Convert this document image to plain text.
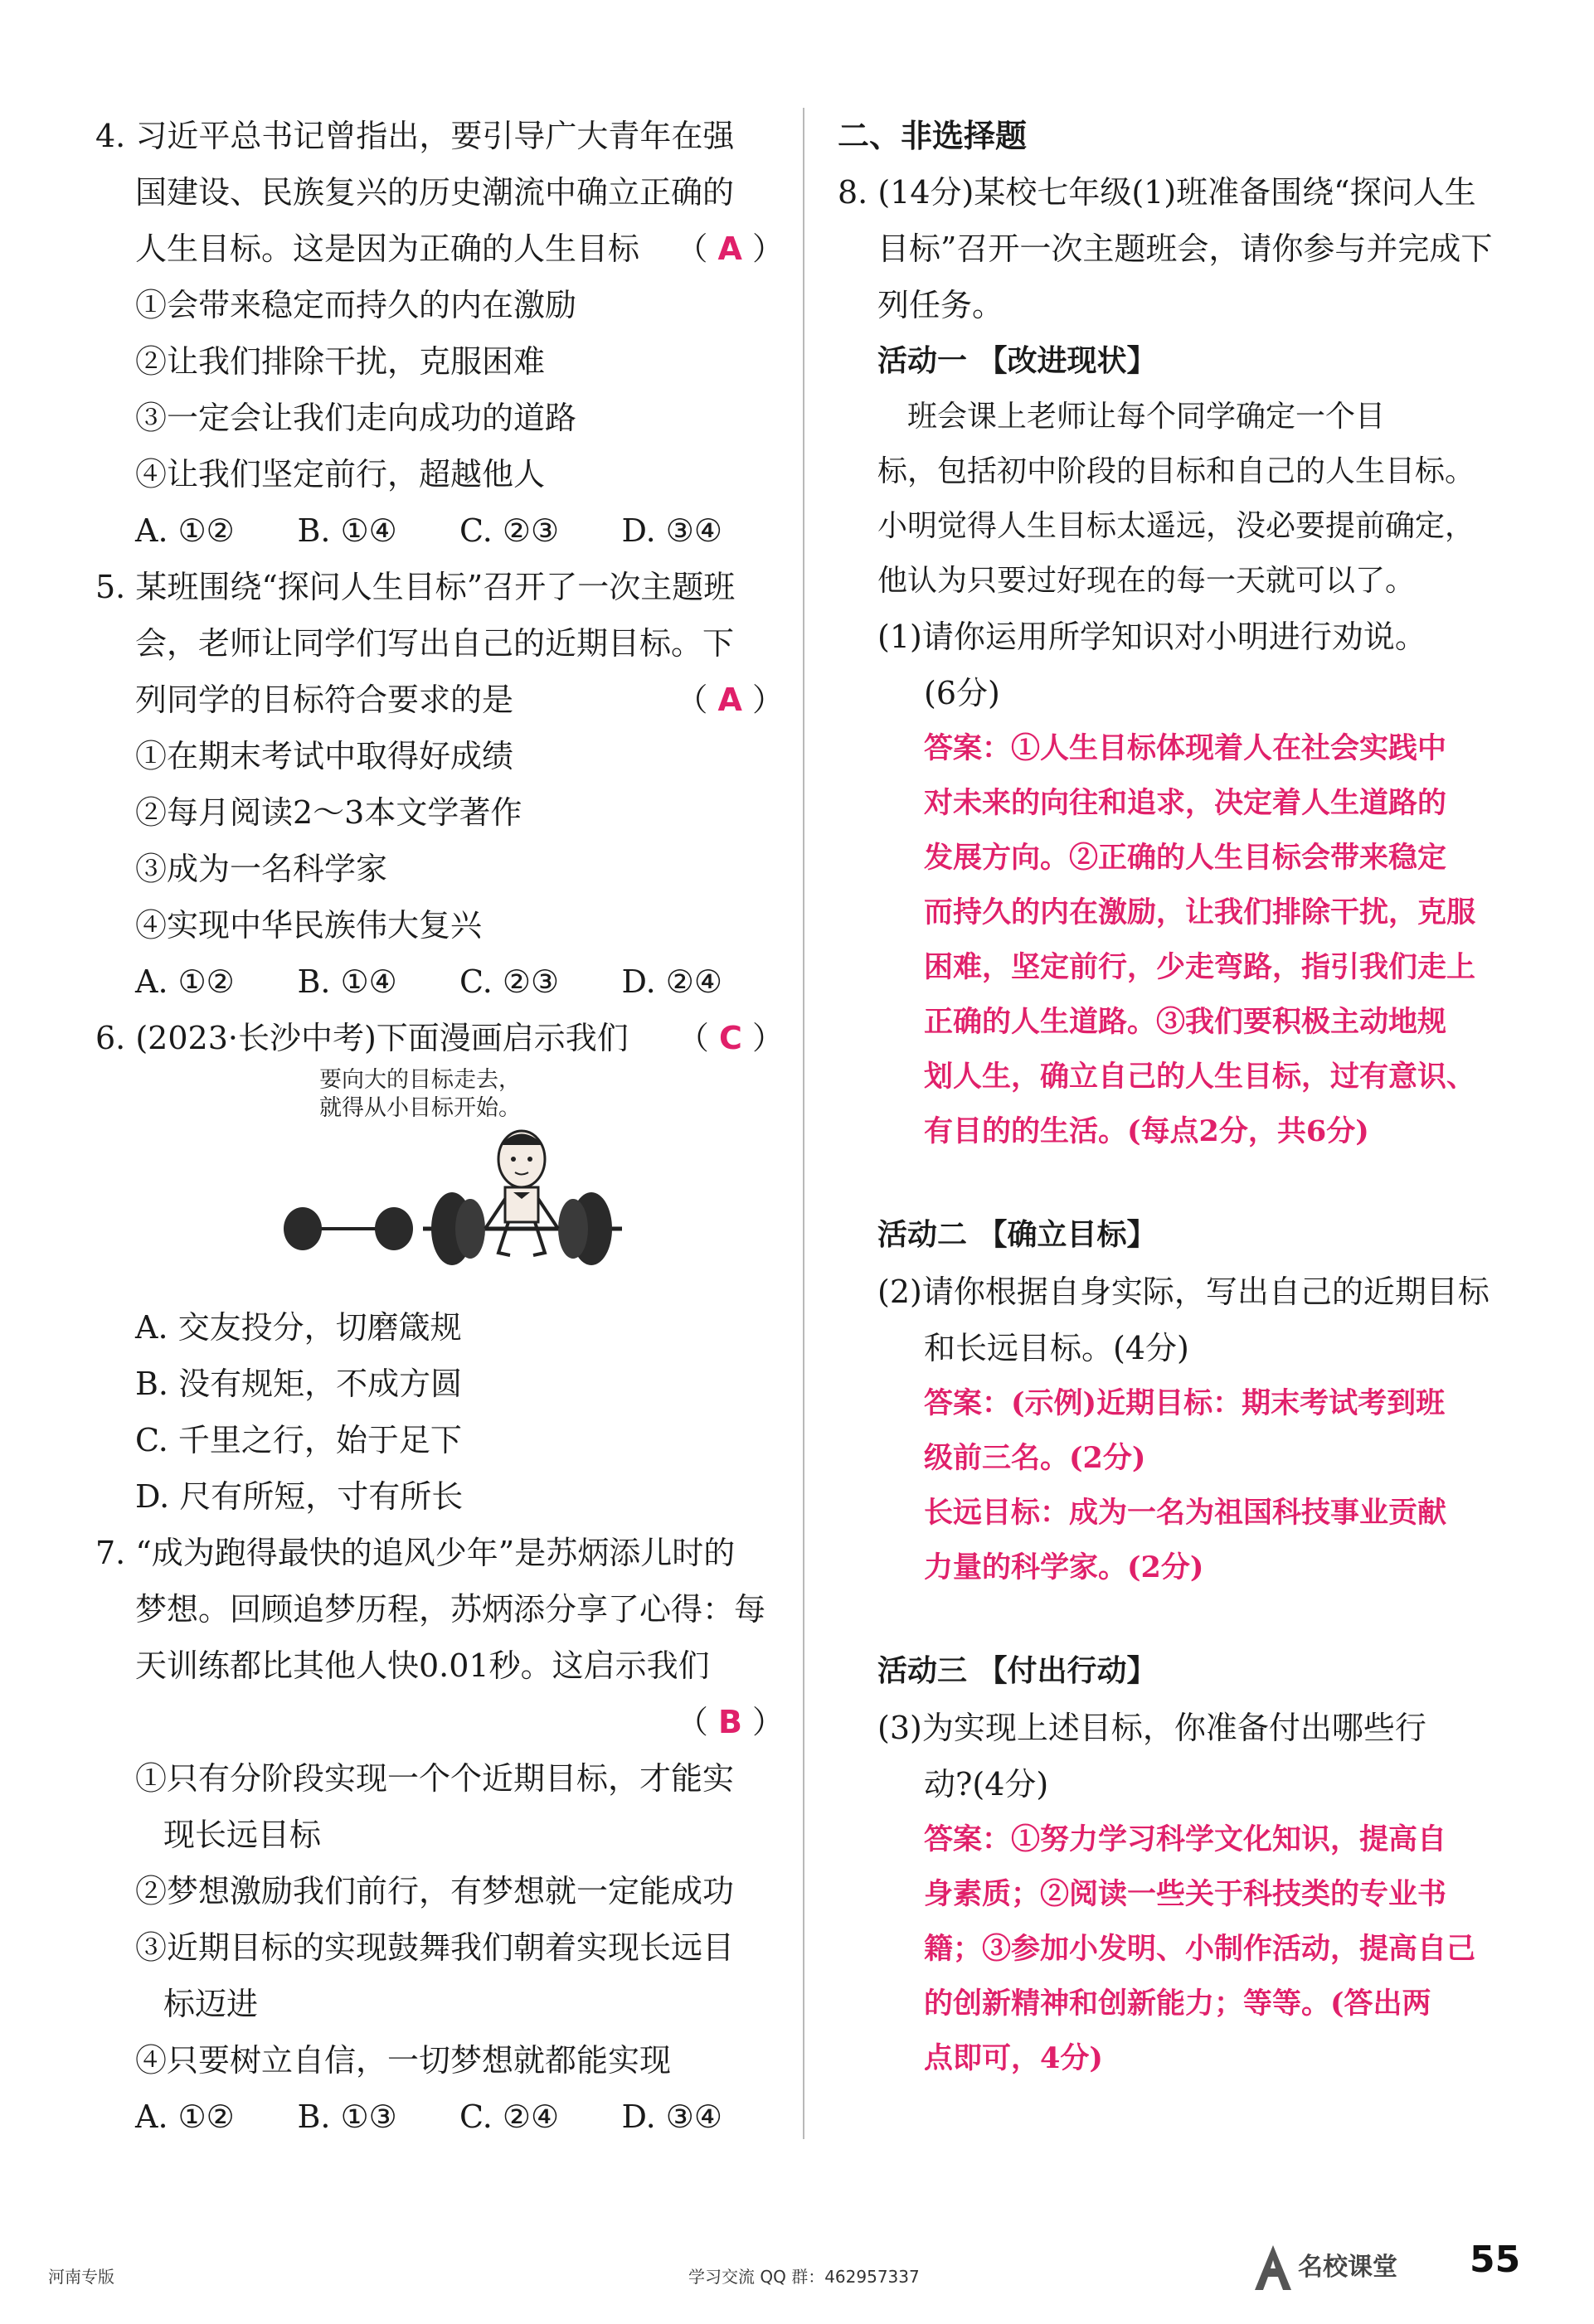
4. 习近平总书记曾指出，要引导广大青年在强
国建设、民族复兴的历史潮流中确立正确的
人生目标。这是因为正确的人生目标 （ A ）
①会带来稳定而持久的内在激励
②让我们排除干扰，克服困难
③一定会让我们走向成功的道路
④让我们坚定前行，超越他人
A. ①②	B. ①④	C. ②③	D. ③④
5. 某班围绕“探问人生目标”召开了一次主题班
会，老师让同学们写出自己的近期目标。下
列同学的目标符合要求的是	（ A ）
①在期末考试中取得好成绩
②每月阅读2～3本文学著作
③成为一名科学家
④实现中华民族伟大复兴
A. ①②	B. ①④	C. ②③	D. ②④
6. (2023·长沙中考)下面漫画启示我们 （ C ）
要向大的目标走去，
就得从小目标开始。
A. 交友投分，切磨箴规
B. 没有规矩，不成方圆
C. 千里之行，始于足下
D. 尺有所短，寸有所长
7. “成为跑得最快的追风少年”是苏炳添儿时的
梦想。回顾追梦历程，苏炳添分享了心得：每
天训练都比其他人快0.01秒。这启示我们
（ B ）

①只有分阶段实现一个个近期目标，才能实
现长远目标
②梦想激励我们前行，有梦想就一定能成功
③近期目标的实现鼓舞我们朝着实现长远目
标迈进
④只要树立自信，一切梦想就都能实现
A. ①②	B. ①③	C. ②④	D. ③④
二、非选择题
8. (14分)某校七年级(1)班准备围绕“探问人生
目标”召开一次主题班会，请你参与并完成下
列任务。
活动一 【改进现状】
班会课上老师让每个同学确定一个目
标，包括初中阶段的目标和自己的人生目标。
小明觉得人生目标太遥远，没必要提前确定，
他认为只要过好现在的每一天就可以了。
(1)请你运用所学知识对小明进行劝说。
(6分)
答案：①人生目标体现着人在社会实践中
对未来的向往和追求，决定着人生道路的
发展方向。②正确的人生目标会带来稳定
而持久的内在激励，让我们排除干扰，克服
困难，坚定前行，少走弯路，指引我们走上
正确的人生道路。③我们要积极主动地规
划人生，确立自己的人生目标，过有意识、
有目的的生活。(每点2分，共6分)
活动二 【确立目标】
(2)请你根据自身实际，写出自己的近期目标
和长远目标。(4分)
答案：(示例)近期目标：期末考试考到班
级前三名。(2分)
长远目标：成为一名为祖国科技事业贡献
力量的科学家。(2分)
活动三 【付出行动】
(3)为实现上述目标，你准备付出哪些行
动?(4分)
答案：①努力学习科学文化知识，提高自
身素质；②阅读一些关于科技类的专业书
籍；③参加小发明、小制作活动，提高自己
的创新精神和创新能力；等等。(答出两
点即可，4分)
河南专版	学习交流 QQ 群：462957337	名校课堂 55
